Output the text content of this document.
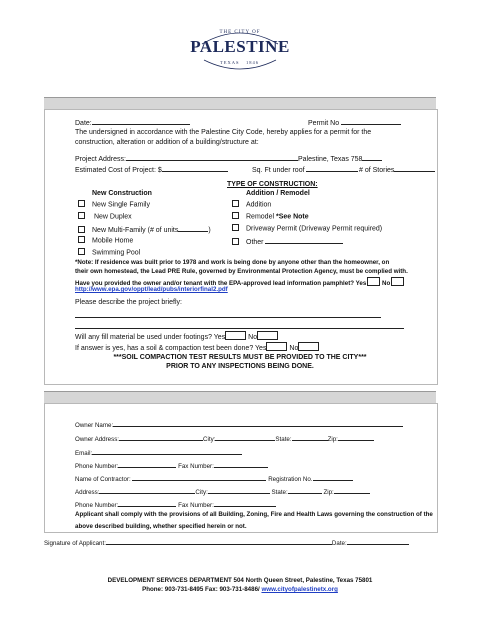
THE CITY OF
PALESTINE
TEXAS 1846
Date:	Permit No
The undersigned in accordance with the Palestine City Code, hereby applies for a permit for the
construction, alteration or addition of a building/structure at:
Project Address:	Palestine, Texas 758
Estimated Cost of Project: $	Sq. Ft under roof	# of Stories
TYPE OF CONSTRUCTION:
New Construction	Addition / Remodel
New Single Family
New Duplex
New Multi-Family (# of units	)
Mobile Home
Swimming Pool
Addition
Remodel *See Note
Driveway Permit (Driveway Permit required)
Other
*Note: If residence was built prior to 1978 and work is being done by anyone other than the homeowner, on
their own homestead, the Lead PRE Rule, governed by Environmental Protection Agency, must be complied with.
Have you provided the owner and/or tenant with the EPA-approved lead information pamphlet? Yes	No
http://www.epa.gov/oppt/lead/pubs/interiorfinal2.pdf
Please describe the project briefly:
Will any fill material be used under footings? Yes	No
If answer is yes, has a soil & compaction test been done? Yes	No
***SOIL COMPACTION TEST RESULTS MUST BE PROVIDED TO THE CITY***
PRIOR TO ANY INSPECTIONS BEING DONE.
Owner Name:
Owner Address:	City:	State:	Zip:
Email:
Phone Number:	Fax Number:
Name of Contractor:	Registration No.
Address:	City:	State:	Zip:
Phone Number:	Fax Number:
Applicant shall comply with the provisions of all Building, Zoning, Fire and Health Laws governing the construction of the
above described building, whether specified herein or not.
Signature of Applicant:	Date:
DEVELOPMENT SERVICES DEPARTMENT 504 North Queen Street, Palestine, Texas 75801
Phone: 903-731-8495 Fax: 903-731-8486/ www.cityofpalestinetx.org
